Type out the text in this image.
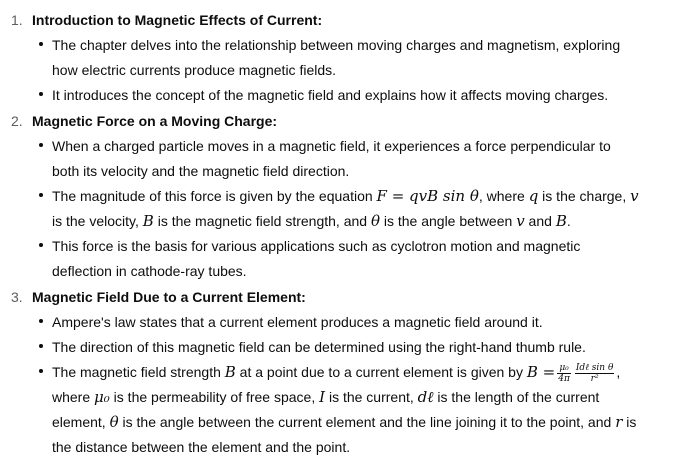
1. Introduction to Magnetic Effects of Current:
The chapter delves into the relationship between moving charges and magnetism, exploring
how electric currents produce magnetic fields.
It introduces the concept of the magnetic field and explains how it affects moving charges.
2. Magnetic Force on a Moving Charge:
When a charged particle moves in a magnetic field, it experiences a force perpendicular to
both its velocity and the magnetic field direction.
The magnitude of this force is given by the equation F = qvB sin θ, where q is the charge, v
is the velocity, B is the magnetic field strength, and θ is the angle between v and B.
This force is the basis for various applications such as cyclotron motion and magnetic
deflection in cathode-ray tubes.
3. Magnetic Field Due to a Current Element:
Ampere's law states that a current element produces a magnetic field around it.
The direction of this magnetic field can be determined using the right-hand thumb rule.
The magnetic field strength B at a point due to a current element is given by $B = \frac{\text{μ₀}}{4\pi} \frac{\text{Idℓ sin θ}}{\text{r²}}$ ,
where μ₀ is the permeability of free space, I is the current, dℓ is the length of the current
element, θ is the angle between the current element and the line joining it to the point, and r is
the distance between the element and the point.
